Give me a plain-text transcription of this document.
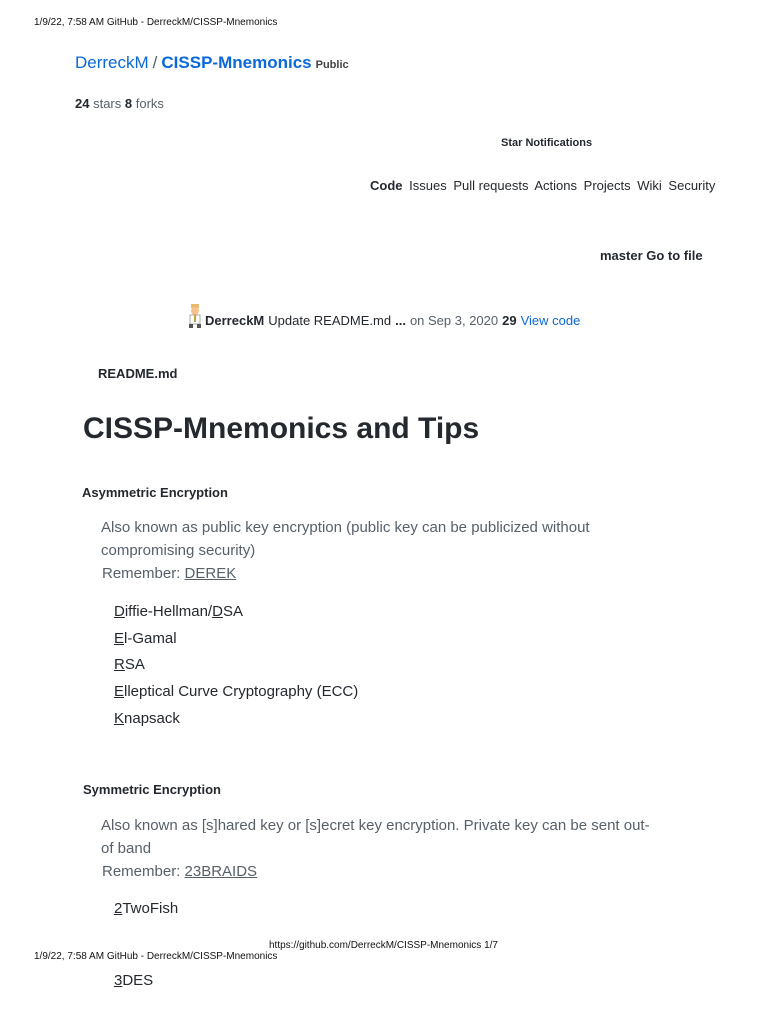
1/9/22, 7:58 AM GitHub - DerreckM/CISSP-Mnemonics
DerreckM / CISSP-Mnemonics Public
24 stars 8 forks
Star Notifications
Code Issues Pull requests Actions Projects Wiki Security
master Go to file
DerreckM Update README.md ... on Sep 3, 2020 29 View code
README.md
CISSP-Mnemonics and Tips
Asymmetric Encryption
Also known as public key encryption (public key can be publicized without compromising security)
Remember: DEREK
Diffie-Hellman/DSA
El-Gamal
RSA
Elleptical Curve Cryptography (ECC)
Knapsack
Symmetric Encryption
Also known as [s]hared key or [s]ecret key encryption. Private key can be sent out-of band
Remember: 23BRAIDS
2TwoFish
https://github.com/DerreckM/CISSP-Mnemonics 1/7
1/9/22, 7:58 AM GitHub - DerreckM/CISSP-Mnemonics
3DES
